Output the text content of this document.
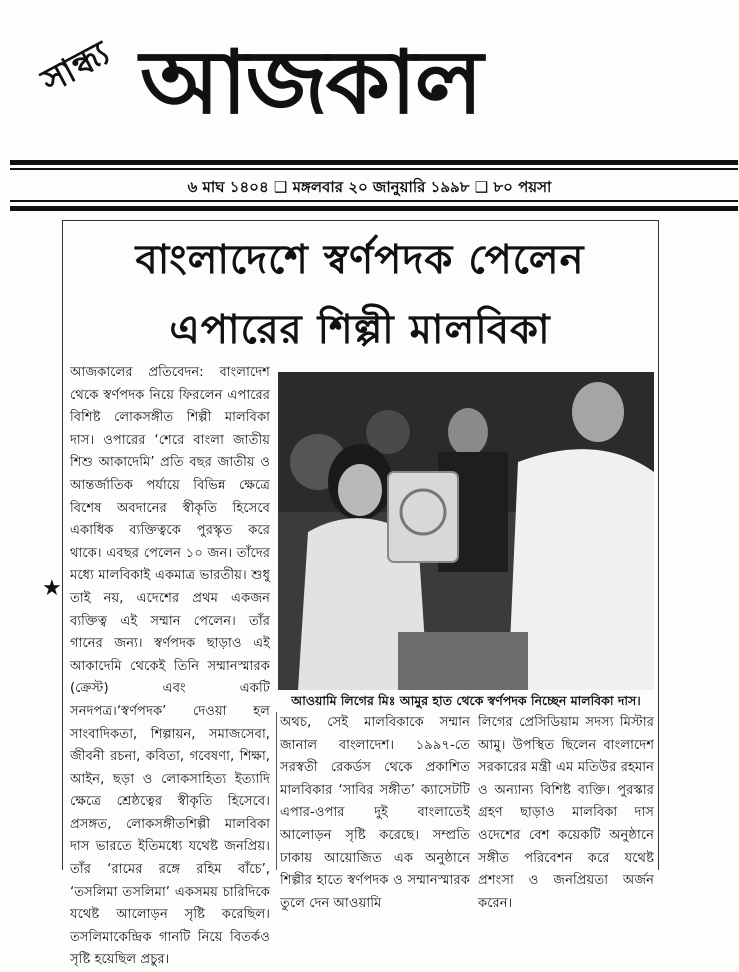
সান্ধ্য আজকাল
৬ মাঘ ১৪০৪ ❑ মঙ্গলবার ২০ জানুয়ারি ১৯৯৮ ❑ ৮০ পয়সা
বাংলাদেশে স্বর্ণপদক পেলেন
এপারের শিল্পী মালবিকা

আজকালের প্রতিবেদন: বাংলাদেশ থেকে স্বর্ণপদক নিয়ে ফিরলেন এপারের বিশিষ্ট লোকসঙ্গীত শিল্পী মালবিকা দাস। ওপারের ‘শেরে বাংলা জাতীয় শিশু আকাদেমি’ প্রতি বছর জাতীয় ও আন্তর্জাতিক পর্যায়ে বিভিন্ন ক্ষেত্রে বিশেষ অবদানের স্বীকৃতি হিসেবে একাধিক ব্যক্তিত্বকে পুরস্কৃত করে থাকে। এবছর পেলেন ১০ জন। তাঁদের মধ্যে মালবিকাই একমাত্র ভারতীয়। শুধু তাই নয়, এদেশের প্রথম একজন ব্যক্তিত্ব এই সম্মান পেলেন। তাঁর গানের জন্য। স্বর্ণপদক ছাড়াও এই আকাদেমি থেকেই তিনি সম্মানস্মারক (ক্রেস্ট) এবং একটি সনদপত্র।‘স্বর্ণপদক’ দেওয়া হল সাংবাদিকতা, শিল্পায়ন, সমাজসেবা, জীবনী রচনা, কবিতা, গবেষণা, শিক্ষা, আইন, ছড়া ও লোকসাহিত্য ইত্যাদি ক্ষেত্রে শ্রেষ্ঠত্বের স্বীকৃতি হিসেবে। প্রসঙ্গত, লোকসঙ্গীতশিল্পী মালবিকা দাস ভারতে ইতিমধ্যে যথেষ্ট জনপ্রিয়। তাঁর ‘রামের রঙ্গে রহিম বাঁচে’, ‘তসলিমা তসলিমা’ একসময় চারিদিকে যথেষ্ট আলোড়ন সৃষ্টি করেছিল। তসলিমাকেন্দ্রিক গানটি নিয়ে বিতর্কও সৃষ্টি হয়েছিল প্রচুর।

আওয়ামি লিগের মিঃ আমুর হাত থেকে স্বর্ণপদক নিচ্ছেন মালবিকা দাস।

অথচ, সেই মালবিকাকে সম্মান জানাল বাংলাদেশ। ১৯৯৭-তে সরস্বতী রেকর্ডস থেকে প্রকাশিত মালবিকার ‘সাবির সঙ্গীত’ ক্যাসেটটি এপার-ওপার দুই বাংলাতেই আলোড়ন সৃষ্টি করেছে। সম্প্রতি ঢাকায় আয়োজিত এক অনুষ্ঠানে শিল্পীর হাতে স্বর্ণপদক ও সম্মানস্মারক তুলে দেন আওয়ামি

লিগের প্রেসিডিয়াম সদস্য মিস্টার আমু। উপস্থিত ছিলেন বাংলাদেশ সরকারের মন্ত্রী এম মতিউর রহমান ও অন্যান্য বিশিষ্ট ব্যক্তি। পুরস্কার গ্রহণ ছাড়াও মালবিকা দাস ওদেশের বেশ কয়েকটি অনুষ্ঠানে সঙ্গীত পরিবেশন করে যথেষ্ট প্রশংসা ও জনপ্রিয়তা অর্জন করেন।

★
